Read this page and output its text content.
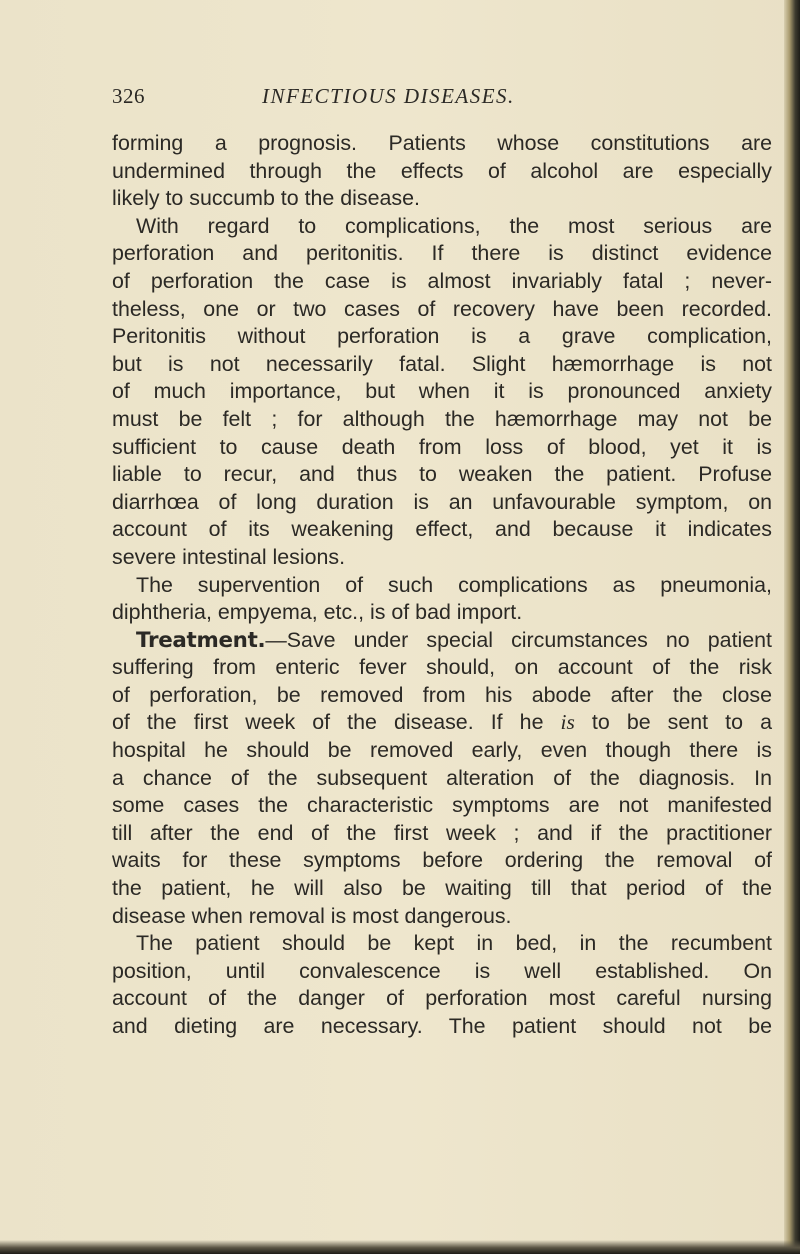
326	INFECTIOUS DISEASES.
forming a prognosis. Patients whose constitutions are
undermined through the effects of alcohol are especially
likely to succumb to the disease.
With regard to complications, the most serious are
perforation and peritonitis. If there is distinct evidence
of perforation the case is almost invariably fatal ; never-
theless, one or two cases of recovery have been recorded.
Peritonitis without perforation is a grave complication,
but is not necessarily fatal. Slight hæmorrhage is not
of much importance, but when it is pronounced anxiety
must be felt ; for although the hæmorrhage may not be
sufficient to cause death from loss of blood, yet it is
liable to recur, and thus to weaken the patient. Profuse
diarrhœa of long duration is an unfavourable symptom, on
account of its weakening effect, and because it indicates
severe intestinal lesions.
The supervention of such complications as pneumonia,
diphtheria, empyema, etc., is of bad import.
Treatment.—Save under special circumstances no patient
suffering from enteric fever should, on account of the risk
of perforation, be removed from his abode after the close
of the first week of the disease. If he is to be sent to a
hospital he should be removed early, even though there is
a chance of the subsequent alteration of the diagnosis. In
some cases the characteristic symptoms are not manifested
till after the end of the first week ; and if the practitioner
waits for these symptoms before ordering the removal of
the patient, he will also be waiting till that period of the
disease when removal is most dangerous.
The patient should be kept in bed, in the recumbent
position, until convalescence is well established. On
account of the danger of perforation most careful nursing
and dieting are necessary. The patient should not be
